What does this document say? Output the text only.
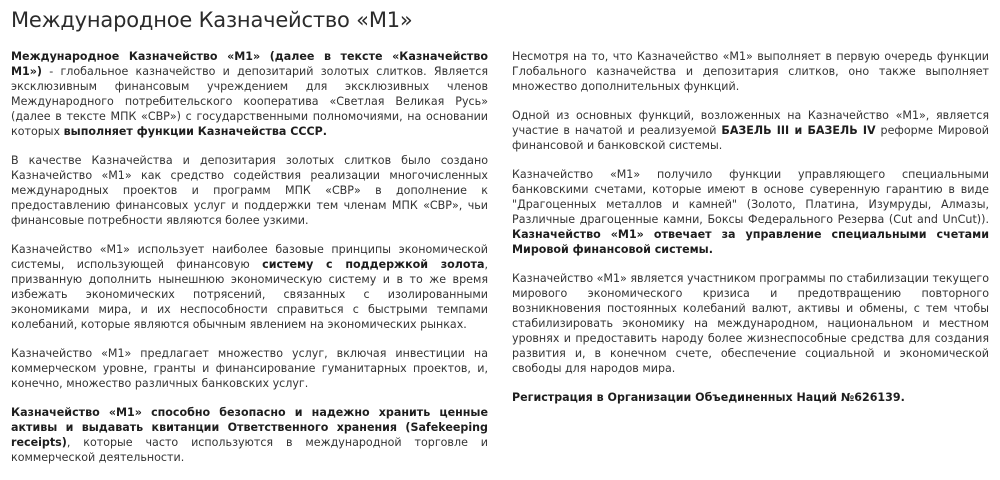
Международное Казначейство «M1»

Международное Казначейство «M1» (далее в тексте «Казначейство M1») - глобальное казначейство и депозитарий золотых слитков. Является эксклюзивным финансовым учреждением для эксклюзивных членов Международного потребительского кооператива «Светлая Великая Русь» (далее в тексте МПК «СВР») с государственными полномочиями, на основании которых выполняет функции Казначейства СССР.

В качестве Казначейства и депозитария золотых слитков было создано Казначейство «M1» как средство содействия реализации многочисленных международных проектов и программ МПК «СВР» в дополнение к предоставлению финансовых услуг и поддержки тем членам МПК «СВР», чьи финансовые потребности являются более узкими.

Казначейство «M1» использует наиболее базовые принципы экономической системы, использующей финансовую систему с поддержкой золота, призванную дополнить нынешнюю экономическую систему и в то же время избежать экономических потрясений, связанных с изолированными экономиками мира, и их неспособности справиться с быстрыми темпами колебаний, которые являются обычным явлением на экономических рынках.

Казначейство «M1» предлагает множество услуг, включая инвестиции на коммерческом уровне, гранты и финансирование гуманитарных проектов, и, конечно, множество различных банковских услуг.

Казначейство «M1» способно безопасно и надежно хранить ценные активы и выдавать квитанции Ответственного хранения (Safekeeping receipts), которые часто используются в международной торговле и коммерческой деятельности.

Несмотря на то, что Казначейство «M1» выполняет в первую очередь функции Глобального казначейства и депозитария слитков, оно также выполняет множество дополнительных функций.

Одной из основных функций, возложенных на Казначейство «M1», является участие в начатой и реализуемой БАЗЕЛЬ III и БАЗЕЛЬ IV реформе Мировой финансовой и банковской системы.

Казначейство «M1» получило функции управляющего специальными банковскими счетами, которые имеют в основе суверенную гарантию в виде "Драгоценных металлов и камней" (Золото, Платина, Изумруды, Алмазы, Различные драгоценные камни, Боксы Федерального Резерва (Cut and UnCut)). Казначейство «M1» отвечает за управление специальными счетами Мировой финансовой системы.

Казначейство «M1» является участником программы по стабилизации текущего мирового экономического кризиса и предотвращению повторного возникновения постоянных колебаний валют, активы и обмены, с тем чтобы стабилизировать экономику на международном, национальном и местном уровнях и предоставить народу более жизнеспособные средства для создания развития и, в конечном счете, обеспечение социальной и экономической свободы для народов мира.

Регистрация в Организации Объединенных Наций №626139.
